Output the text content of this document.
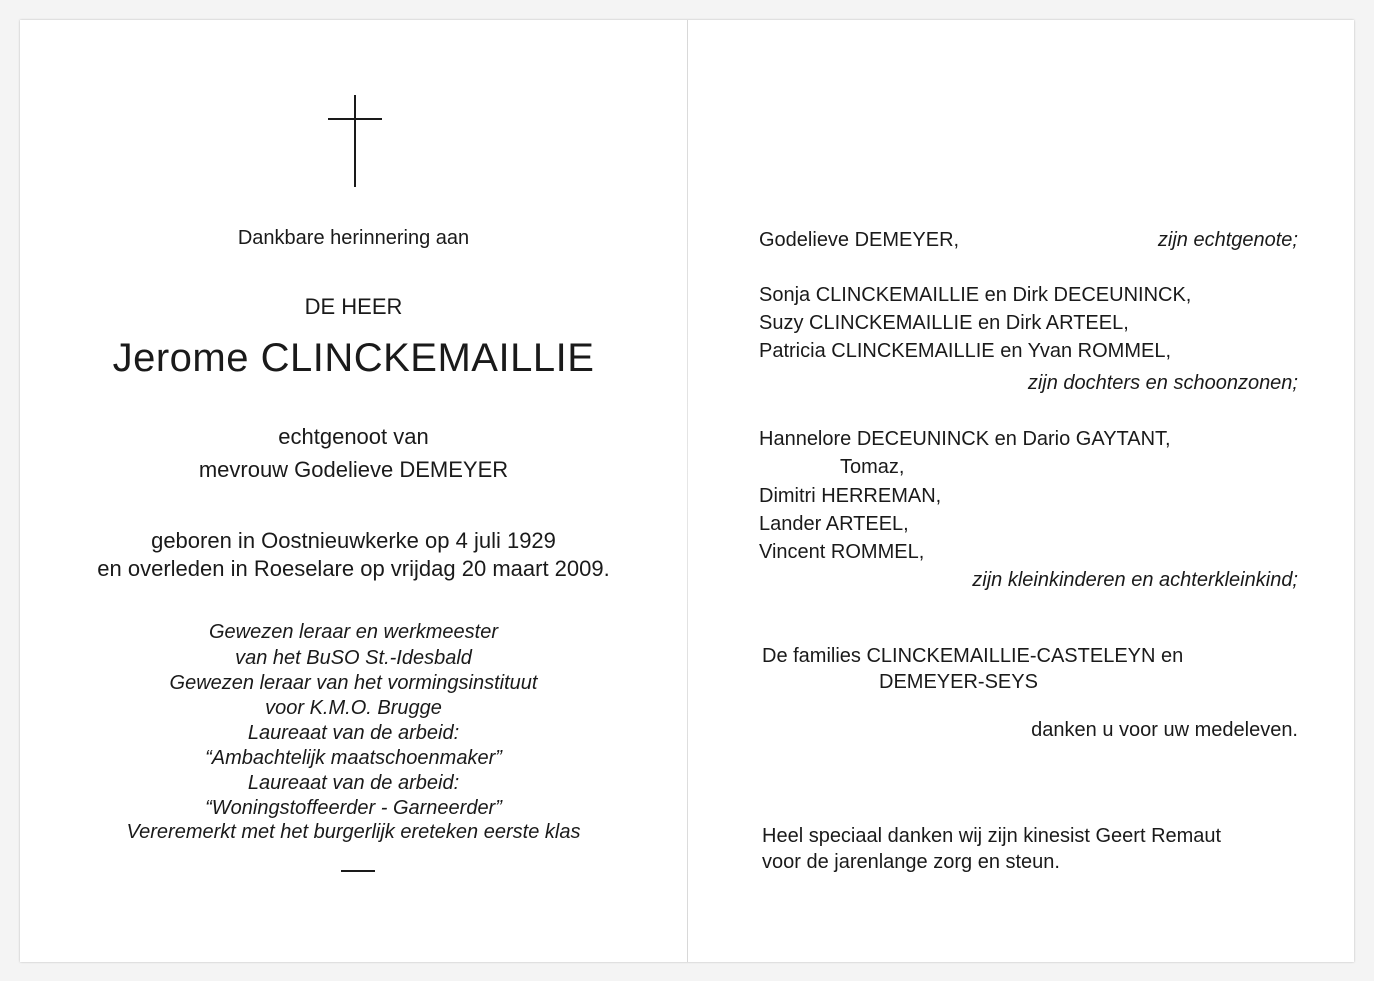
Dankbare herinnering aan
DE HEER
Jerome CLINCKEMAILLIE
echtgenoot van
mevrouw Godelieve DEMEYER
geboren in Oostnieuwkerke op 4 juli 1929
en overleden in Roeselare op vrijdag 20 maart 2009.
Gewezen leraar en werkmeester
van het BuSO St.-Idesbald
Gewezen leraar van het vormingsinstituut
voor K.M.O. Brugge
Laureaat van de arbeid:
“Ambachtelijk maatschoenmaker”
Laureaat van de arbeid:
“Woningstoffeerder - Garneerder”
Vereremerkt met het burgerlijk ereteken eerste klas
Godelieve DEMEYER,	zijn echtgenote;
Sonja CLINCKEMAILLIE en Dirk DECEUNINCK,
Suzy CLINCKEMAILLIE en Dirk ARTEEL,
Patricia CLINCKEMAILLIE en Yvan ROMMEL,
zijn dochters en schoonzonen;
Hannelore DECEUNINCK en Dario GAYTANT,
Tomaz,
Dimitri HERREMAN,
Lander ARTEEL,
Vincent ROMMEL,
zijn kleinkinderen en achterkleinkind;
De families CLINCKEMAILLIE-CASTELEYN en
DEMEYER-SEYS
danken u voor uw medeleven.
Heel speciaal danken wij zijn kinesist Geert Remaut
voor de jarenlange zorg en steun.
